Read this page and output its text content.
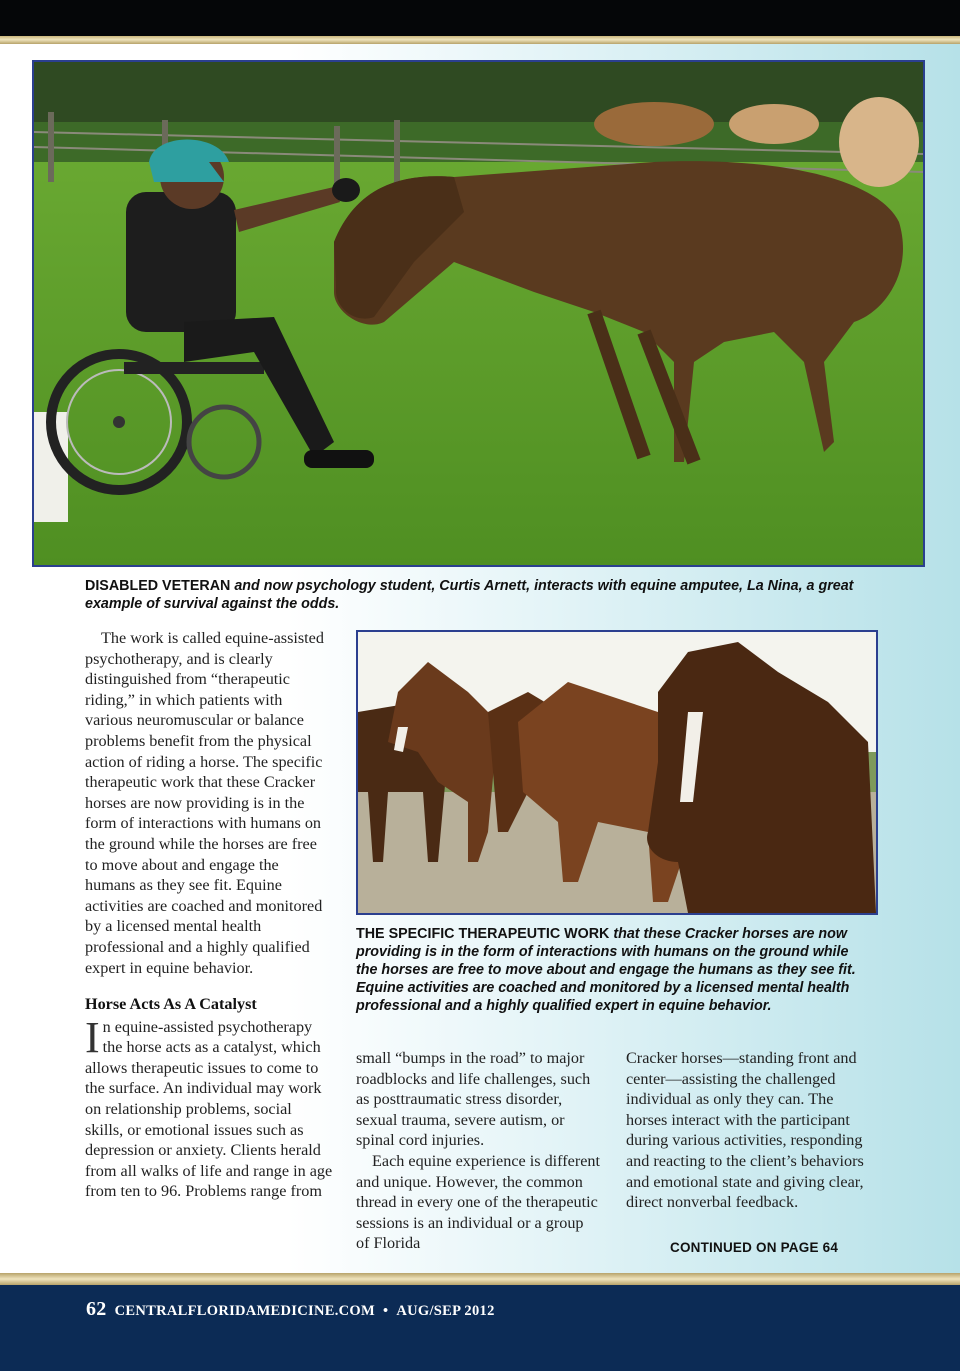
DISABLED VETERAN and now psychology student, Curtis Arnett, interacts with equine amputee, La Nina, a great example of survival against the odds.

The work is called equine-assisted psychotherapy, and is clearly distinguished from “therapeutic riding,” in which patients with various neuromuscular or balance problems benefit from the physical action of riding a horse. The specific therapeutic work that these Cracker horses are now providing is in the form of interactions with humans on the ground while the horses are free to move about and engage the humans as they see fit. Equine activities are coached and monitored by a licensed mental health professional and a highly qualified expert in equine behavior.

Horse Acts As A Catalyst

In equine-assisted psychotherapy the horse acts as a catalyst, which allows therapeutic issues to come to the surface. An individual may work on relationship problems, social skills, or emotional issues such as depression or anxiety. Clients herald from all walks of life and range in age from ten to 96. Problems range from

THE SPECIFIC THERAPEUTIC WORK that these Cracker horses are now providing is in the form of interactions with humans on the ground while the horses are free to move about and engage the humans as they see fit. Equine activities are coached and monitored by a licensed mental health professional and a highly qualified expert in equine behavior.

small “bumps in the road” to major roadblocks and life challenges, such as posttraumatic stress disorder, sexual trauma, severe autism, or spinal cord injuries.

Each equine experience is different and unique. However, the common thread in every one of the therapeutic sessions is an individual or a group of Florida

Cracker horses—standing front and center—assisting the challenged individual as only they can. The horses interact with the participant during various activities, responding and reacting to the client’s behaviors and emotional state and giving clear, direct nonverbal feedback.

CONTINUED ON PAGE 64
62 CENTRALFLORIDAMEDICINE.COM • AUG/SEP 2012
